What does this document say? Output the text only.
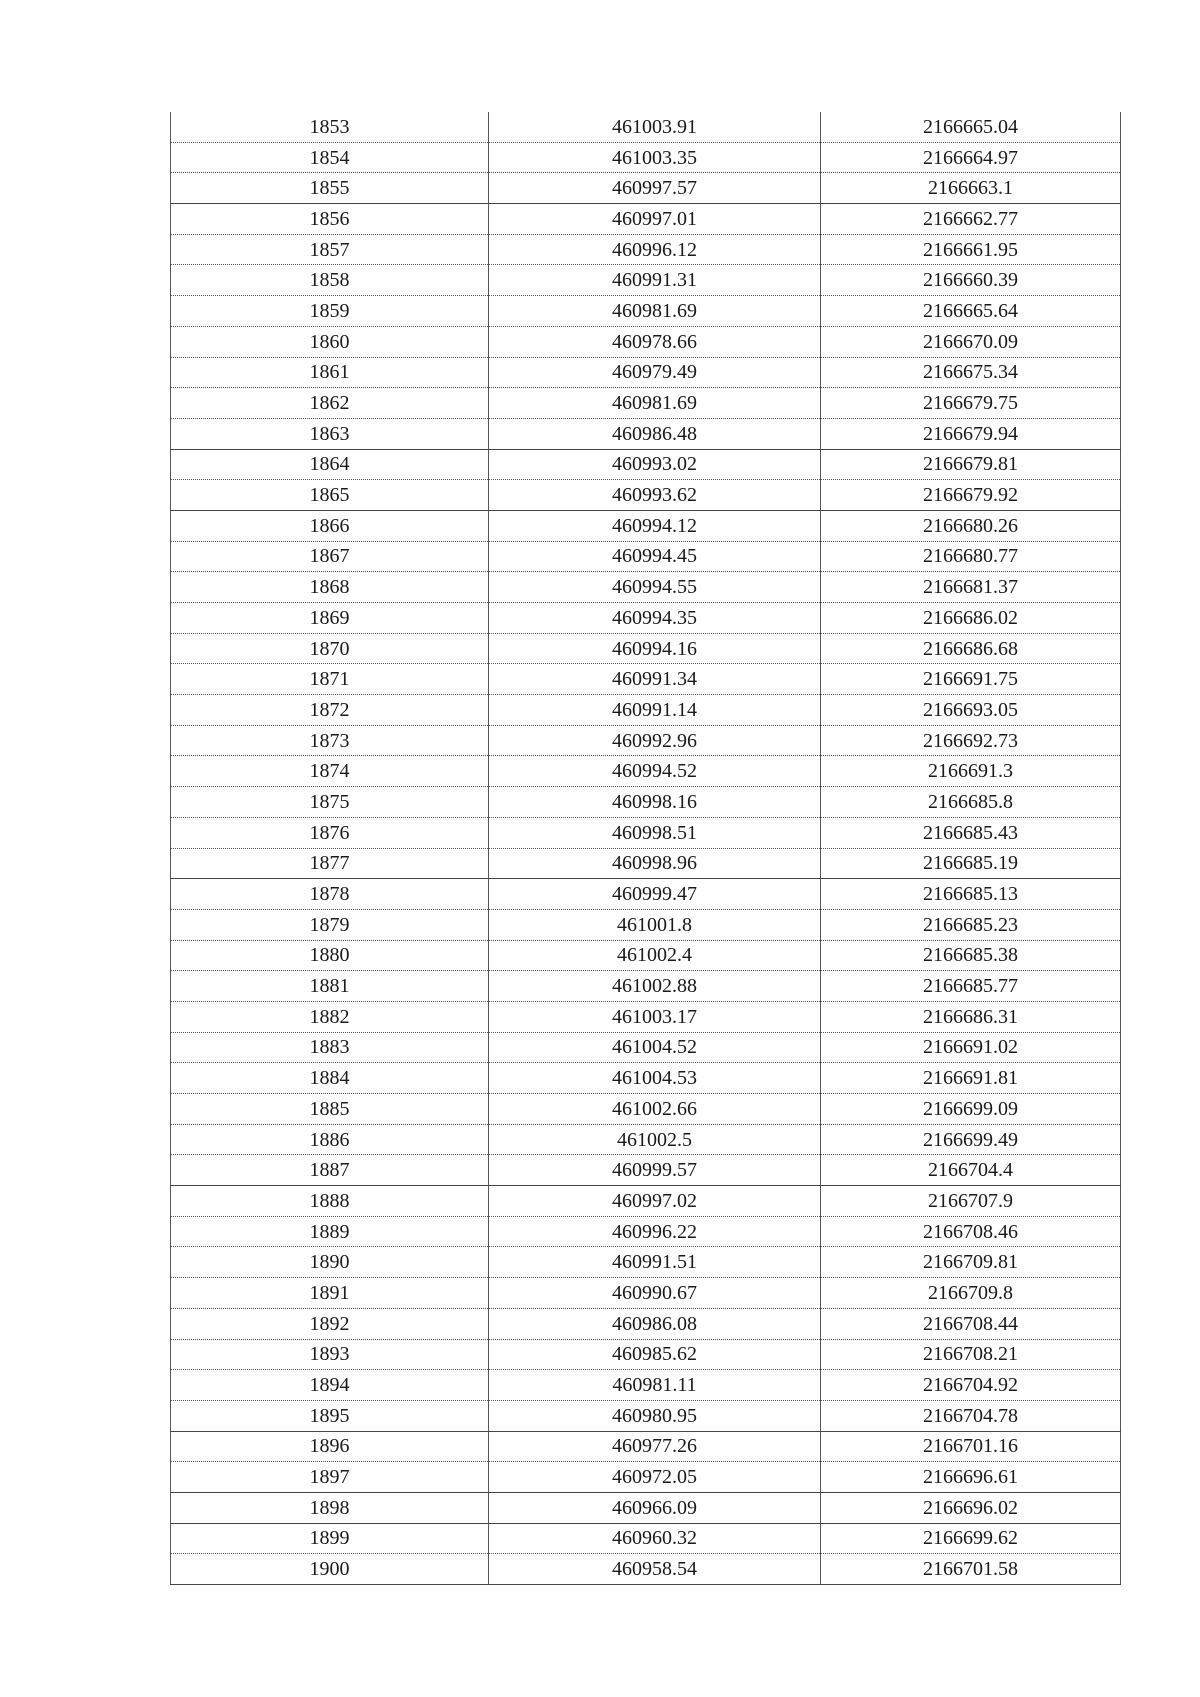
1853	461003.91	2166665.04
1854	461003.35	2166664.97
1855	460997.57	2166663.1
1856	460997.01	2166662.77
1857	460996.12	2166661.95
1858	460991.31	2166660.39
1859	460981.69	2166665.64
1860	460978.66	2166670.09
1861	460979.49	2166675.34
1862	460981.69	2166679.75
1863	460986.48	2166679.94
1864	460993.02	2166679.81
1865	460993.62	2166679.92
1866	460994.12	2166680.26
1867	460994.45	2166680.77
1868	460994.55	2166681.37
1869	460994.35	2166686.02
1870	460994.16	2166686.68
1871	460991.34	2166691.75
1872	460991.14	2166693.05
1873	460992.96	2166692.73
1874	460994.52	2166691.3
1875	460998.16	2166685.8
1876	460998.51	2166685.43
1877	460998.96	2166685.19
1878	460999.47	2166685.13
1879	461001.8	2166685.23
1880	461002.4	2166685.38
1881	461002.88	2166685.77
1882	461003.17	2166686.31
1883	461004.52	2166691.02
1884	461004.53	2166691.81
1885	461002.66	2166699.09
1886	461002.5	2166699.49
1887	460999.57	2166704.4
1888	460997.02	2166707.9
1889	460996.22	2166708.46
1890	460991.51	2166709.81
1891	460990.67	2166709.8
1892	460986.08	2166708.44
1893	460985.62	2166708.21
1894	460981.11	2166704.92
1895	460980.95	2166704.78
1896	460977.26	2166701.16
1897	460972.05	2166696.61
1898	460966.09	2166696.02
1899	460960.32	2166699.62
1900	460958.54	2166701.58
